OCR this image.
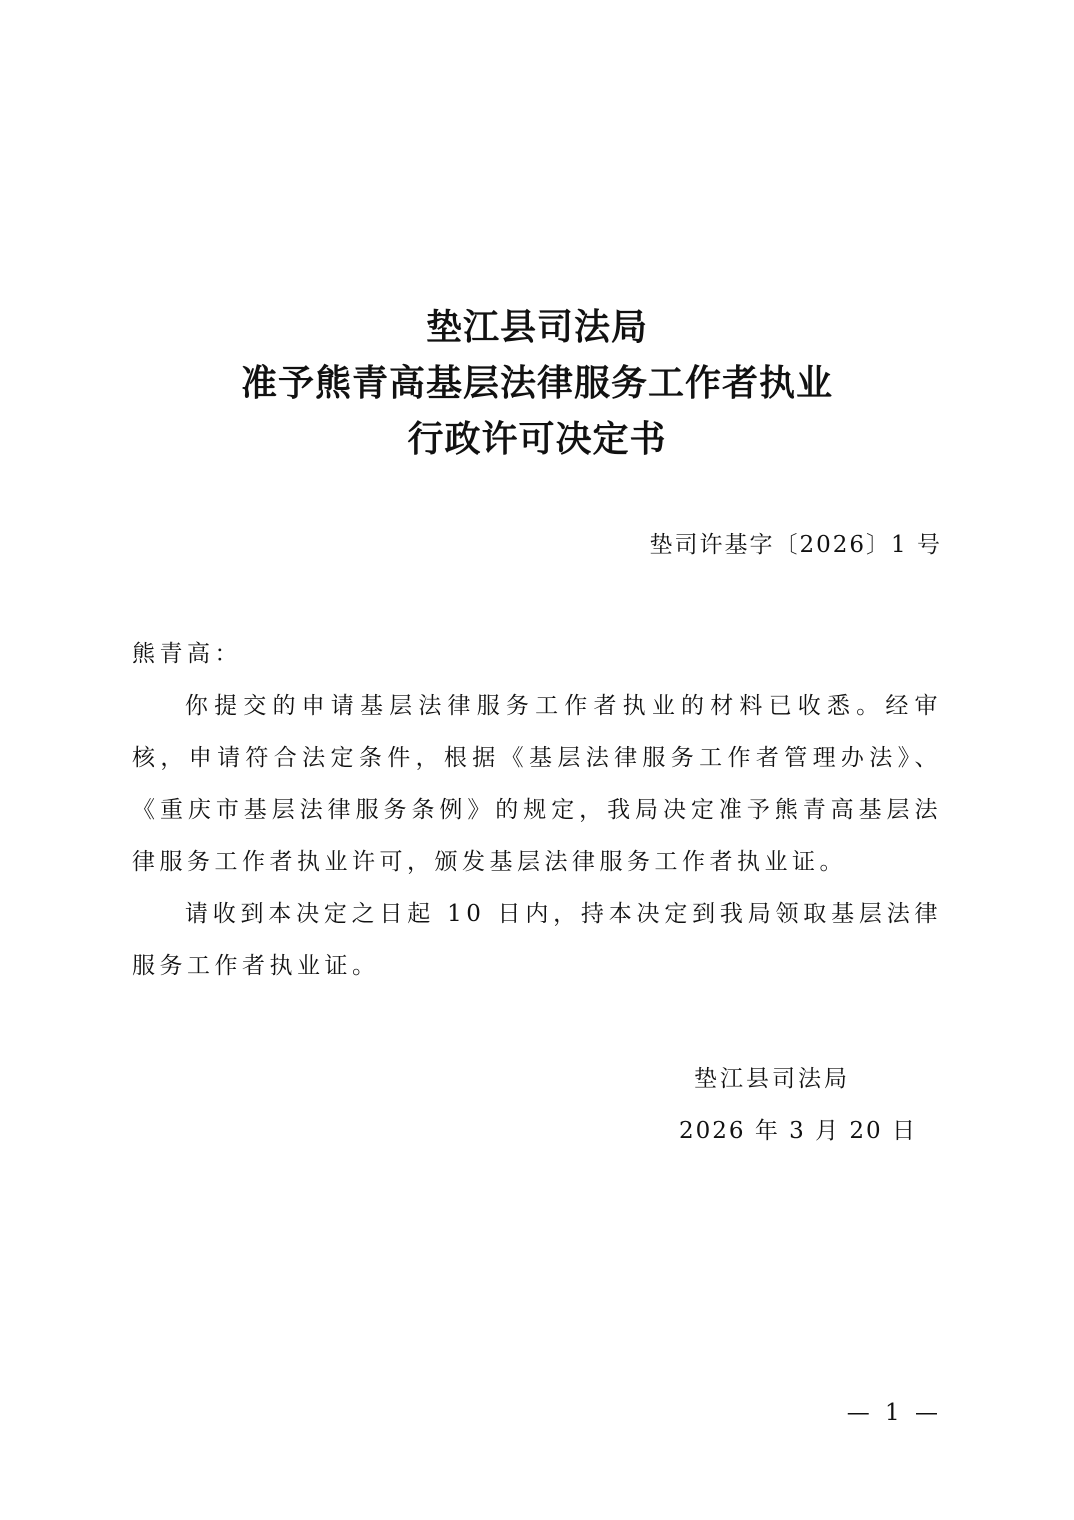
垫江县司法局
准予熊青高基层法律服务工作者执业
行政许可决定书
垫司许基字〔2026〕1 号
熊青高：
你提交的申请基层法律服务工作者执业的材料已收悉。经审核，申请符合法定条件，根据《基层法律服务工作者管理办法》、《重庆市基层法律服务条例》的规定，我局决定准予熊青高基层法律服务工作者执业许可，颁发基层法律服务工作者执业证。
请收到本决定之日起 10 日内，持本决定到我局领取基层法律服务工作者执业证。
垫江县司法局
2026 年 3 月 20 日
— 1 —
